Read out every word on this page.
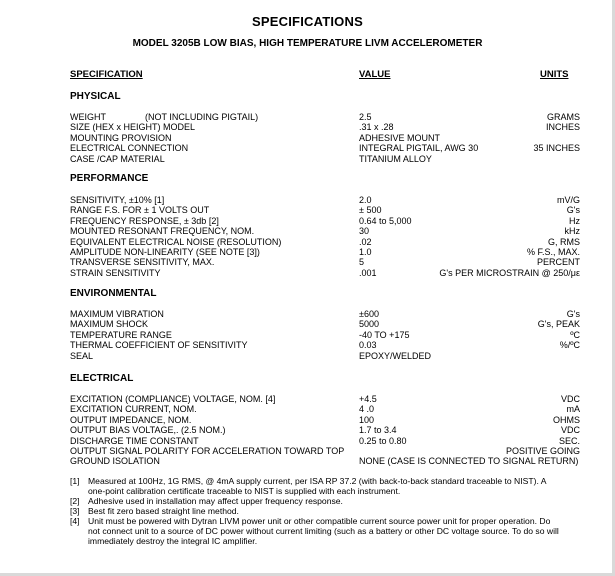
SPECIFICATIONS
MODEL 3205B LOW BIAS, HIGH TEMPERATURE LIVM ACCELEROMETER
SPECIFICATION	VALUE	UNITS
PHYSICAL
WEIGHT	(NOT INCLUDING PIGTAIL)	2.5	GRAMS
SIZE (HEX x HEIGHT) MODEL	.31 x .28	INCHES
MOUNTING PROVISION	ADHESIVE MOUNT
ELECTRICAL CONNECTION	INTEGRAL PIGTAIL, AWG 30	35 INCHES
CASE /CAP MATERIAL	TITANIUM ALLOY
PERFORMANCE
SENSITIVITY, ±10% [1]	2.0	mV/G
RANGE F.S. FOR ± 1 VOLTS OUT	± 500	G's
FREQUENCY RESPONSE, ± 3db [2]	0.64 to 5,000	Hz
MOUNTED RESONANT FREQUENCY, NOM.	30	kHz
EQUIVALENT ELECTRICAL NOISE (RESOLUTION)	.02	G, RMS
AMPLITUDE NON-LINEARITY (SEE NOTE [3])	1.0	% F.S., MAX.
TRANSVERSE SENSITIVITY, MAX.	5	PERCENT
STRAIN SENSITIVITY	.001	G's PER MICROSTRAIN @ 250/με
ENVIRONMENTAL
MAXIMUM VIBRATION	±600	G's
MAXIMUM SHOCK	5000	G's, PEAK
TEMPERATURE RANGE	-40 TO +175	ºC
THERMAL COEFFICIENT OF SENSITIVITY	0.03	%/ºC
SEAL	EPOXY/WELDED
ELECTRICAL
EXCITATION (COMPLIANCE) VOLTAGE, NOM. [4]	+4.5	VDC
EXCITATION CURRENT, NOM.	4 .0	mA
OUTPUT IMPEDANCE, NOM.	100	OHMS
OUTPUT BIAS VOLTAGE,. (2.5 NOM.)	1.7 to 3.4	VDC
DISCHARGE TIME CONSTANT	0.25 to 0.80	SEC.
OUTPUT SIGNAL POLARITY FOR ACCELERATION TOWARD TOP	POSITIVE GOING
GROUND ISOLATION	NONE (CASE IS CONNECTED TO SIGNAL RETURN)
[1] Measured at 100Hz, 1G RMS, @ 4mA supply current, per ISA RP 37.2 (with back-to-back standard traceable to NIST). A one-point calibration certificate traceable to NIST is supplied with each instrument.
[2] Adhesive used in installation may affect upper frequency response.
[3] Best fit zero based straight line method.
[4] Unit must be powered with Dytran LIVM power unit or other compatible current source power unit for proper operation. Do not connect unit to a source of DC power without current limiting (such as a battery or other DC voltage source. To do so will immediately destroy the integral IC amplifier.
